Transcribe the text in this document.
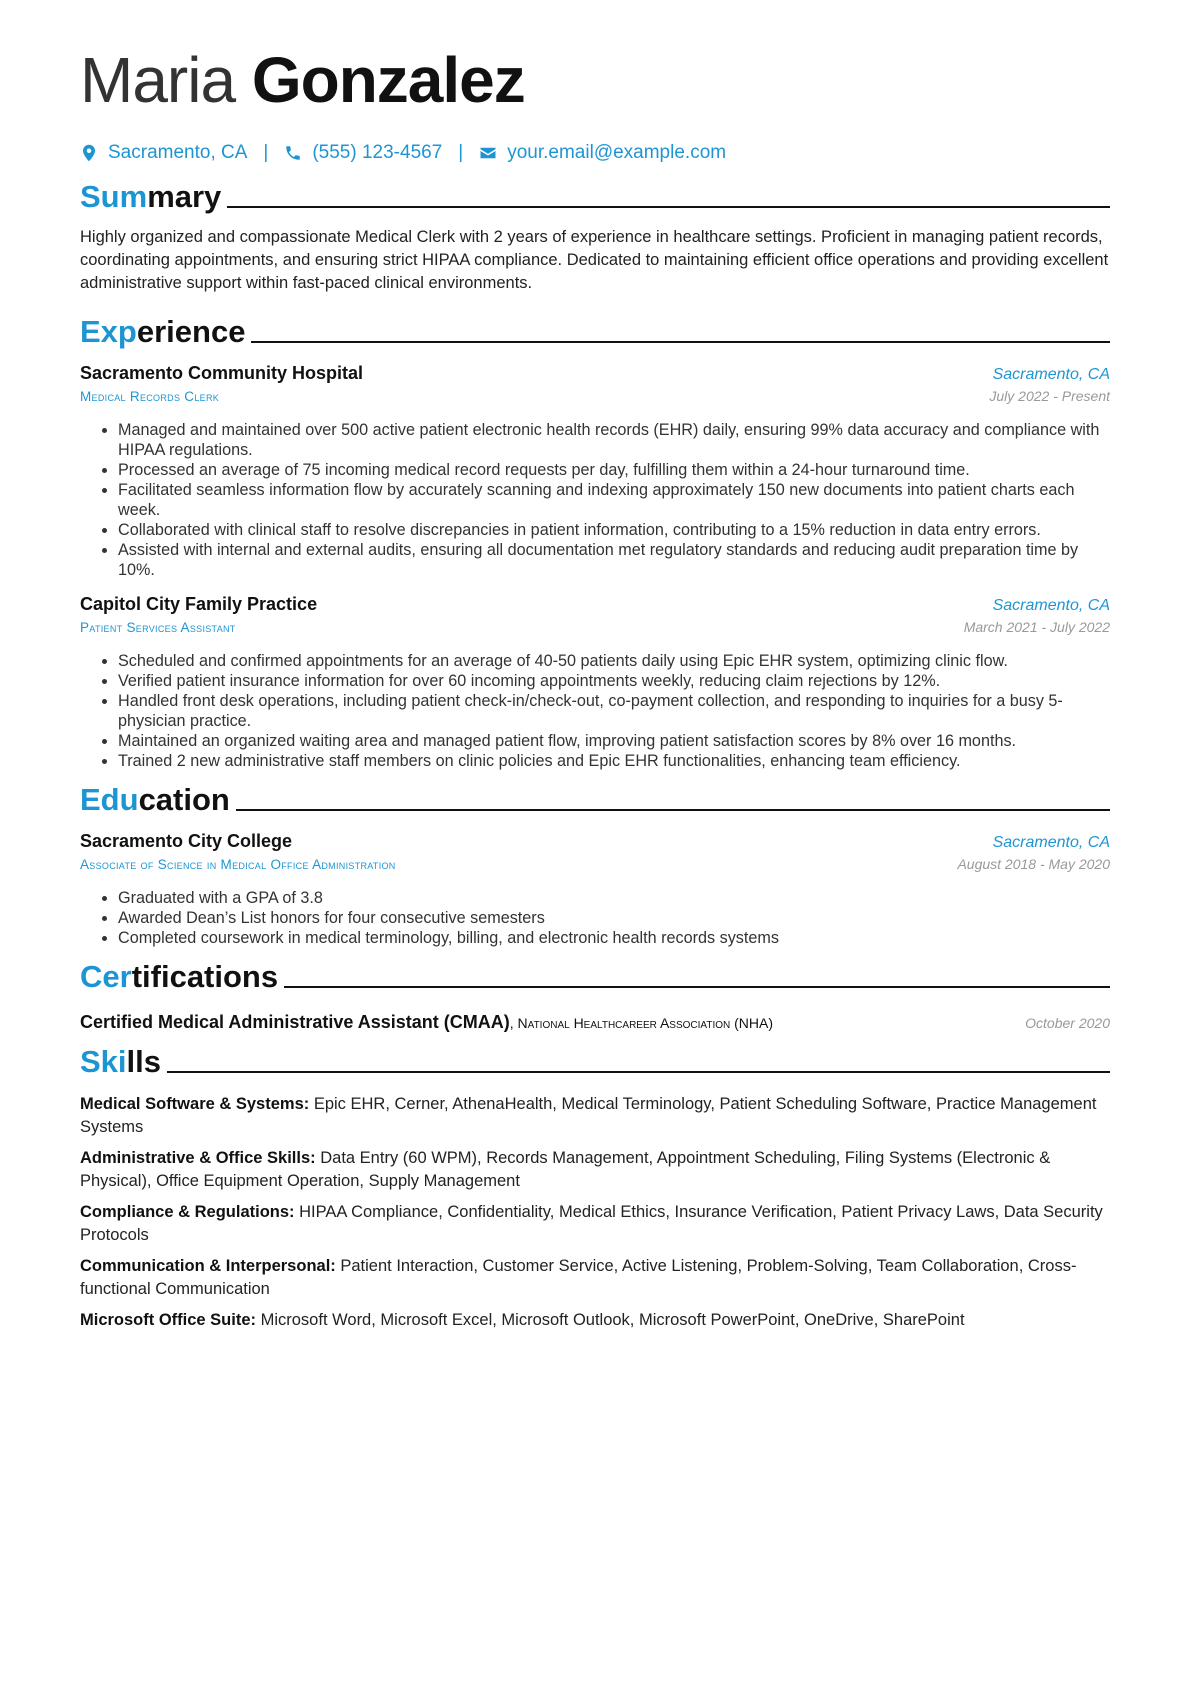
Maria Gonzalez
Sacramento, CA | (555) 123-4567 | your.email@example.com
Summary
Highly organized and compassionate Medical Clerk with 2 years of experience in healthcare settings. Proficient in managing patient records, coordinating appointments, and ensuring strict HIPAA compliance. Dedicated to maintaining efficient office operations and providing excellent administrative support within fast-paced clinical environments.
Experience
Sacramento Community Hospital	Sacramento, CA
Medical Records Clerk	July 2022 - Present
• Managed and maintained over 500 active patient electronic health records (EHR) daily, ensuring 99% data accuracy and compliance with HIPAA regulations.
• Processed an average of 75 incoming medical record requests per day, fulfilling them within a 24-hour turnaround time.
• Facilitated seamless information flow by accurately scanning and indexing approximately 150 new documents into patient charts each week.
• Collaborated with clinical staff to resolve discrepancies in patient information, contributing to a 15% reduction in data entry errors.
• Assisted with internal and external audits, ensuring all documentation met regulatory standards and reducing audit preparation time by 10%.
Capitol City Family Practice	Sacramento, CA
Patient Services Assistant	March 2021 - July 2022
• Scheduled and confirmed appointments for an average of 40-50 patients daily using Epic EHR system, optimizing clinic flow.
• Verified patient insurance information for over 60 incoming appointments weekly, reducing claim rejections by 12%.
• Handled front desk operations, including patient check-in/check-out, co-payment collection, and responding to inquiries for a busy 5-physician practice.
• Maintained an organized waiting area and managed patient flow, improving patient satisfaction scores by 8% over 16 months.
• Trained 2 new administrative staff members on clinic policies and Epic EHR functionalities, enhancing team efficiency.
Education
Sacramento City College	Sacramento, CA
Associate of Science in Medical Office Administration	August 2018 - May 2020
• Graduated with a GPA of 3.8
• Awarded Dean’s List honors for four consecutive semesters
• Completed coursework in medical terminology, billing, and electronic health records systems
Certifications
Certified Medical Administrative Assistant (CMAA), National Healthcareer Association (NHA)	October 2020
Skills
Medical Software & Systems: Epic EHR, Cerner, AthenaHealth, Medical Terminology, Patient Scheduling Software, Practice Management Systems
Administrative & Office Skills: Data Entry (60 WPM), Records Management, Appointment Scheduling, Filing Systems (Electronic & Physical), Office Equipment Operation, Supply Management
Compliance & Regulations: HIPAA Compliance, Confidentiality, Medical Ethics, Insurance Verification, Patient Privacy Laws, Data Security Protocols
Communication & Interpersonal: Patient Interaction, Customer Service, Active Listening, Problem-Solving, Team Collaboration, Cross-functional Communication
Microsoft Office Suite: Microsoft Word, Microsoft Excel, Microsoft Outlook, Microsoft PowerPoint, OneDrive, SharePoint
